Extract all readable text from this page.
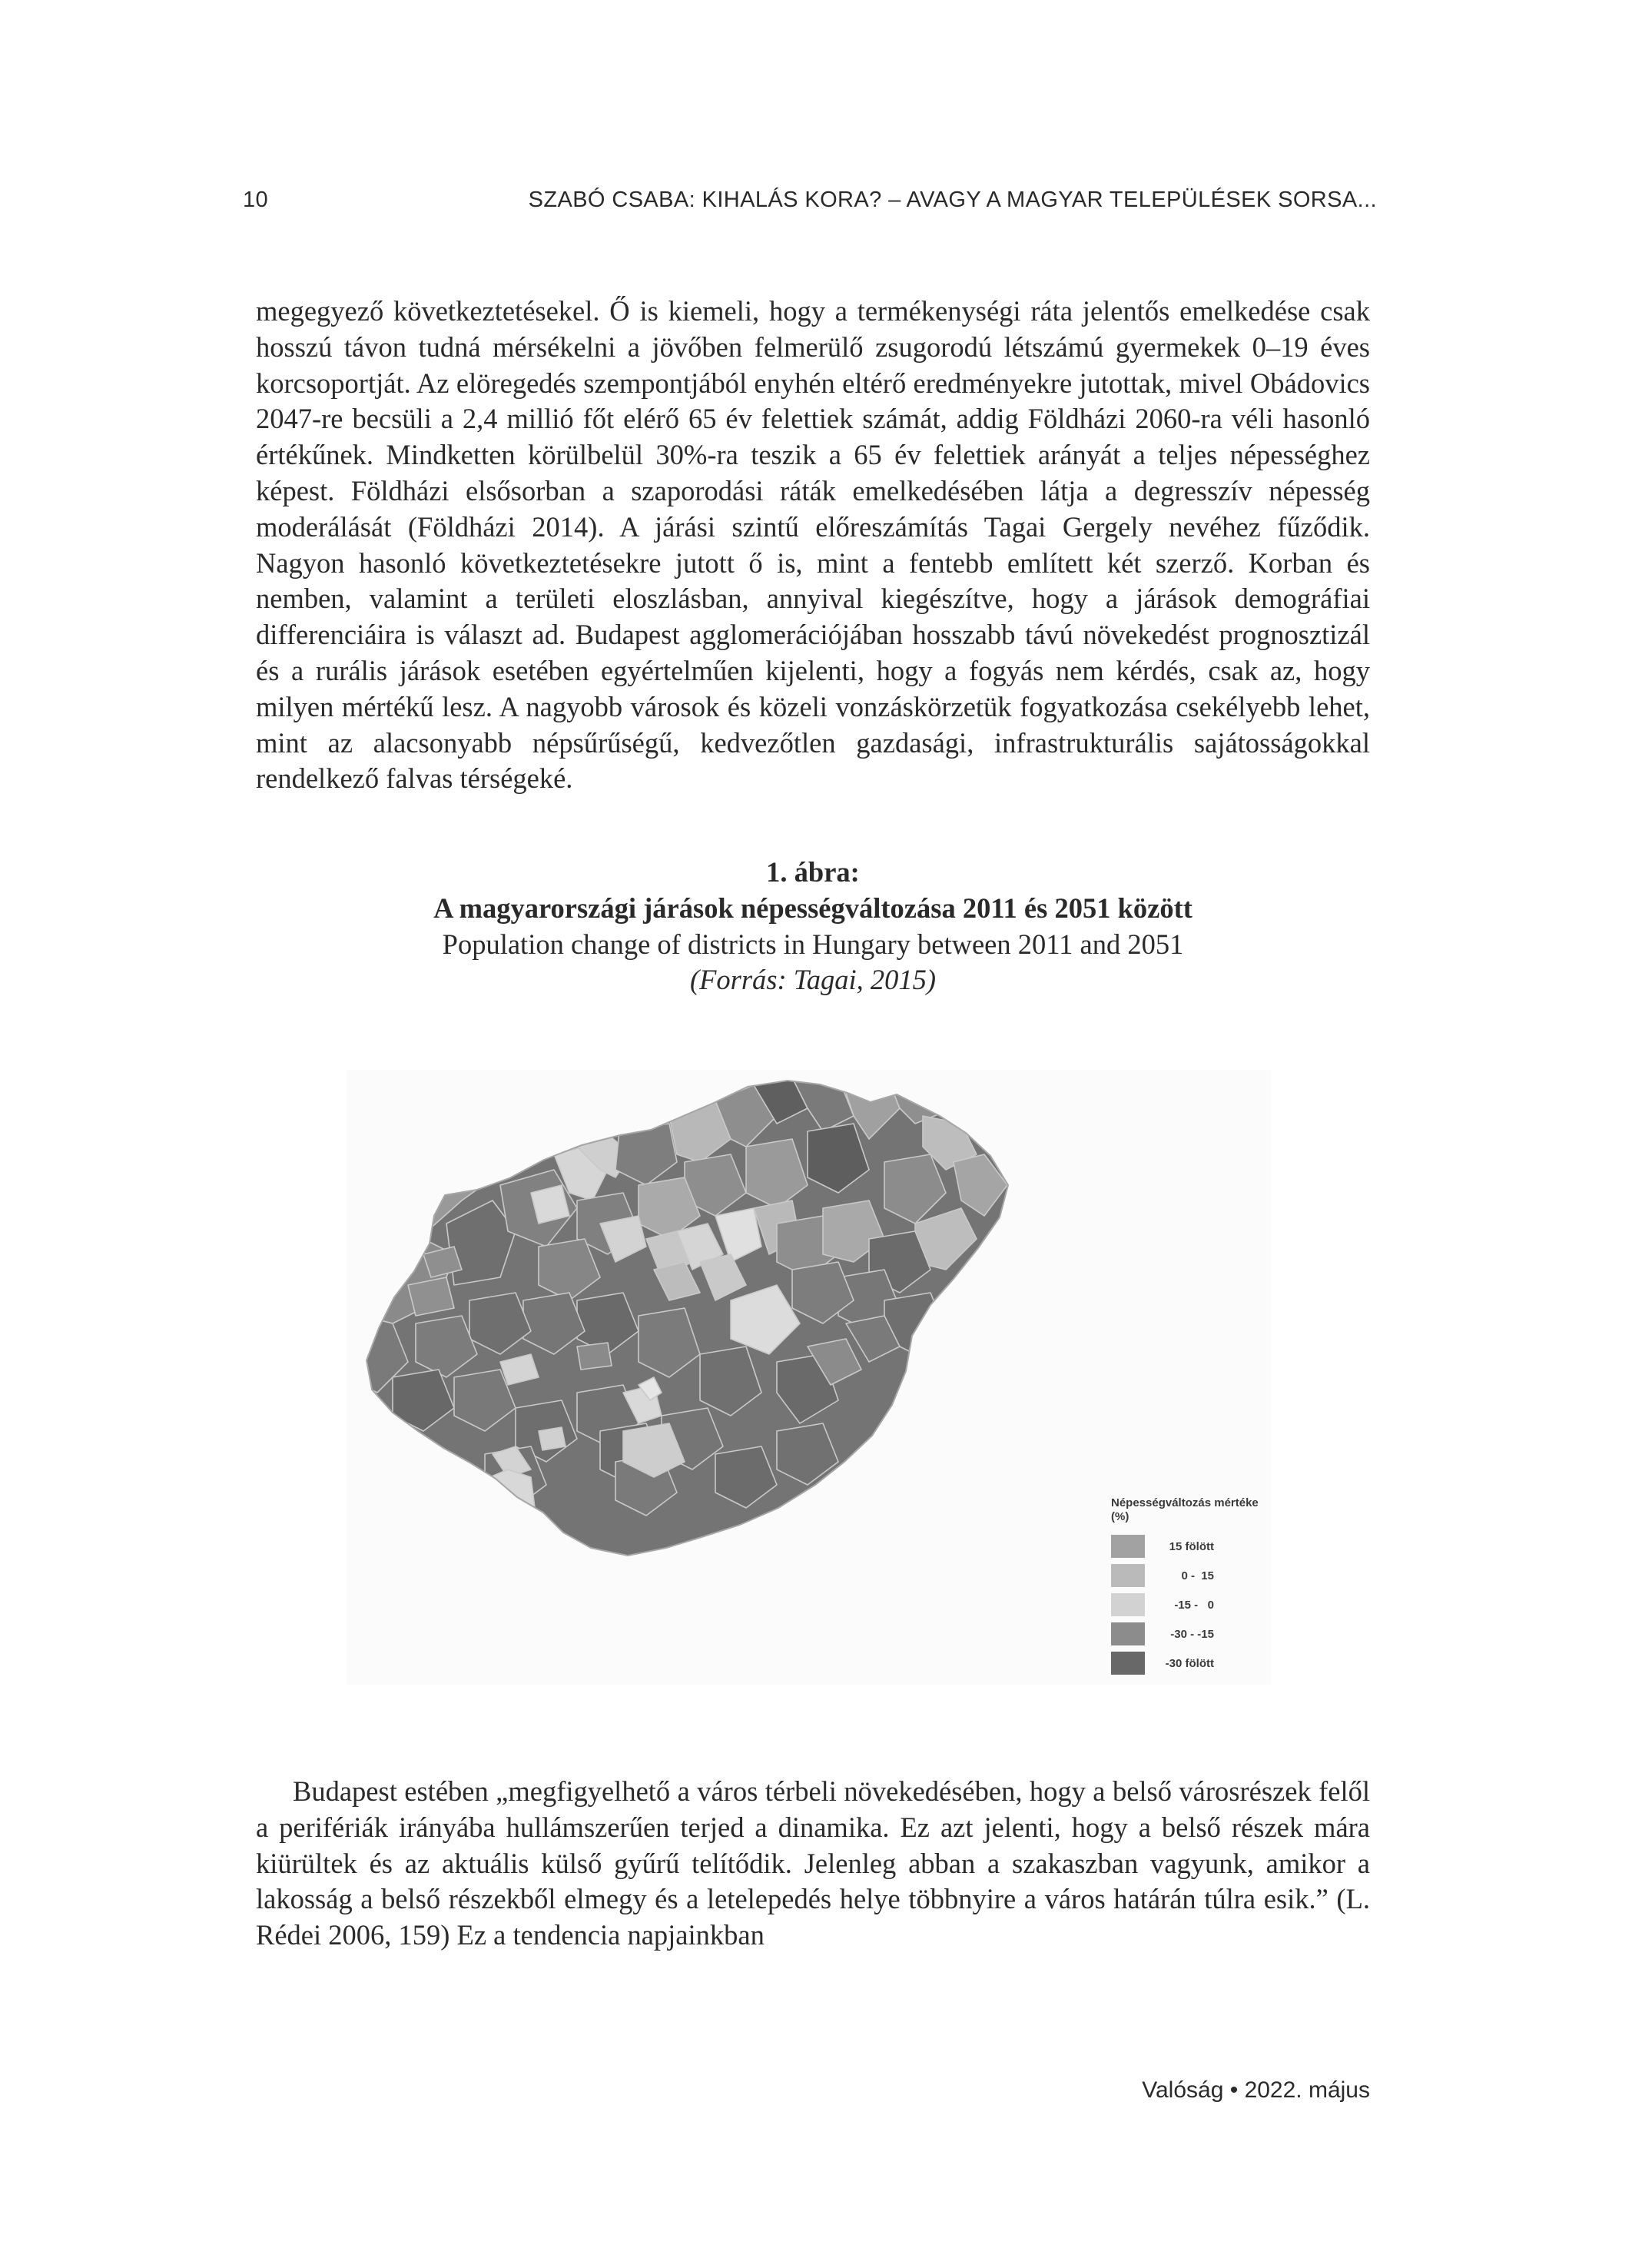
10	SZABÓ CSABA: KIHALÁS KORA? – AVAGY A MAGYAR TELEPÜLÉSEK SORSA...

megegyező következtetésekel. Ő is kiemeli, hogy a termékenységi ráta jelentős emelkedése csak hosszú távon tudná mérsékelni a jövőben felmerülő zsugorodú létszámú gyermekek 0–19 éves korcsoportját. Az elöregedés szempontjából enyhén eltérő eredményekre jutottak, mivel Obádovics 2047-re becsüli a 2,4 millió főt elérő 65 év felettiek számát, addig Földházi 2060-ra véli hasonló értékűnek. Mindketten körülbelül 30%-ra teszik a 65 év felettiek arányát a teljes népességhez képest. Földházi elsősorban a szaporodási ráták emelkedésében látja a degresszív népesség moderálását (Földházi 2014). A járási szintű előreszámítás Tagai Gergely nevéhez fűződik. Nagyon hasonló következtetésekre jutott ő is, mint a fentebb említett két szerző. Korban és nemben, valamint a területi eloszlásban, annyival kiegészítve, hogy a járások demográfiai differenciáira is választ ad. Budapest agglomerációjában hosszabb távú növekedést prognosztizál és a rurális járások esetében egyértelműen kijelenti, hogy a fogyás nem kérdés, csak az, hogy milyen mértékű lesz. A nagyobb városok és közeli vonzáskörzetük fogyatkozása csekélyebb lehet, mint az alacsonyabb népsűrűségű, kedvezőtlen gazdasági, infrastrukturális sajátosságokkal rendelkező falvas térségeké.

1. ábra:
A magyarországi járások népességváltozása 2011 és 2051 között
Population change of districts in Hungary between 2011 and 2051
(Forrás: Tagai, 2015)
Népességváltozás mértéke (%)
15 fölött
0 -  15
-15 -   0
-30 - -15
-30 fölött

Budapest estében „megfigyelhető a város térbeli növekedésében, hogy a belső városrészek felől a perifériák irányába hullámszerűen terjed a dinamika. Ez azt jelenti, hogy a belső részek mára kiürültek és az aktuális külső gyűrű telítődik. Jelenleg abban a szakaszban vagyunk, amikor a lakosság a belső részekből elmegy és a letelepedés helye többnyire a város határán túlra esik.” (L. Rédei 2006, 159) Ez a tendencia napjainkban

Valóság • 2022. május
